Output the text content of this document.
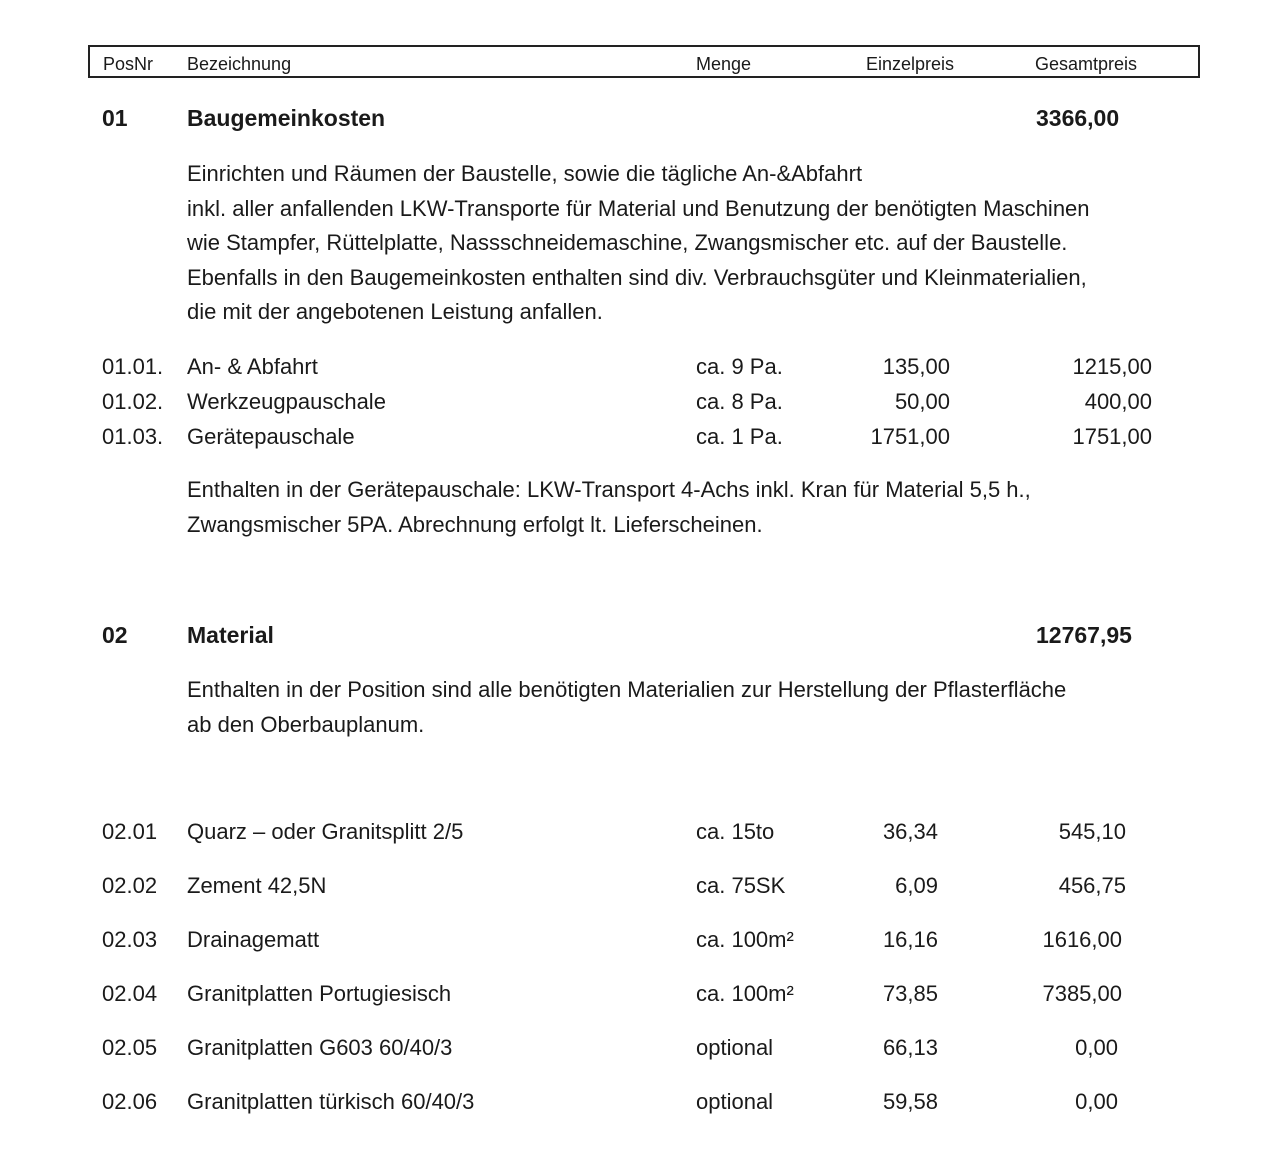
PosNr Bezeichnung	Menge	Einzelpreis	Gesamtpreis
01	Baugemeinkosten	3366,00
Einrichten und Räumen der Baustelle, sowie die tägliche An-&Abfahrt
inkl. aller anfallenden LKW-Transporte für Material und Benutzung der benötigten Maschinen
wie Stampfer, Rüttelplatte, Nassschneidemaschine, Zwangsmischer etc. auf der Baustelle.
Ebenfalls in den Baugemeinkosten enthalten sind div. Verbrauchsgüter und Kleinmaterialien,
die mit der angebotenen Leistung anfallen.
01.01. An- & Abfahrt	ca. 9 Pa.	135,00	1215,00
01.02. Werkzeugpauschale	ca. 8 Pa.	50,00	400,00
01.03. Gerätepauschale	ca. 1 Pa.	1751,00	1751,00
Enthalten in der Gerätepauschale: LKW-Transport 4-Achs inkl. Kran für Material 5,5 h.,
Zwangsmischer 5PA. Abrechnung erfolgt lt. Lieferscheinen.
02	Material	12767,95
Enthalten in der Position sind alle benötigten Materialien zur Herstellung der Pflasterfläche
ab den Oberbauplanum.
02.01 Quarz – oder Granitsplitt 2/5	ca. 15to	36,34	545,10
02.02 Zement 42,5N	ca. 75SK	6,09	456,75
02.03 Drainagematt	ca. 100m²	16,16	1616,00
02.04 Granitplatten Portugiesisch	ca. 100m²	73,85	7385,00
02.05 Granitplatten G603 60/40/3	optional	66,13	0,00
02.06 Granitplatten türkisch 60/40/3	optional	59,58	0,00
